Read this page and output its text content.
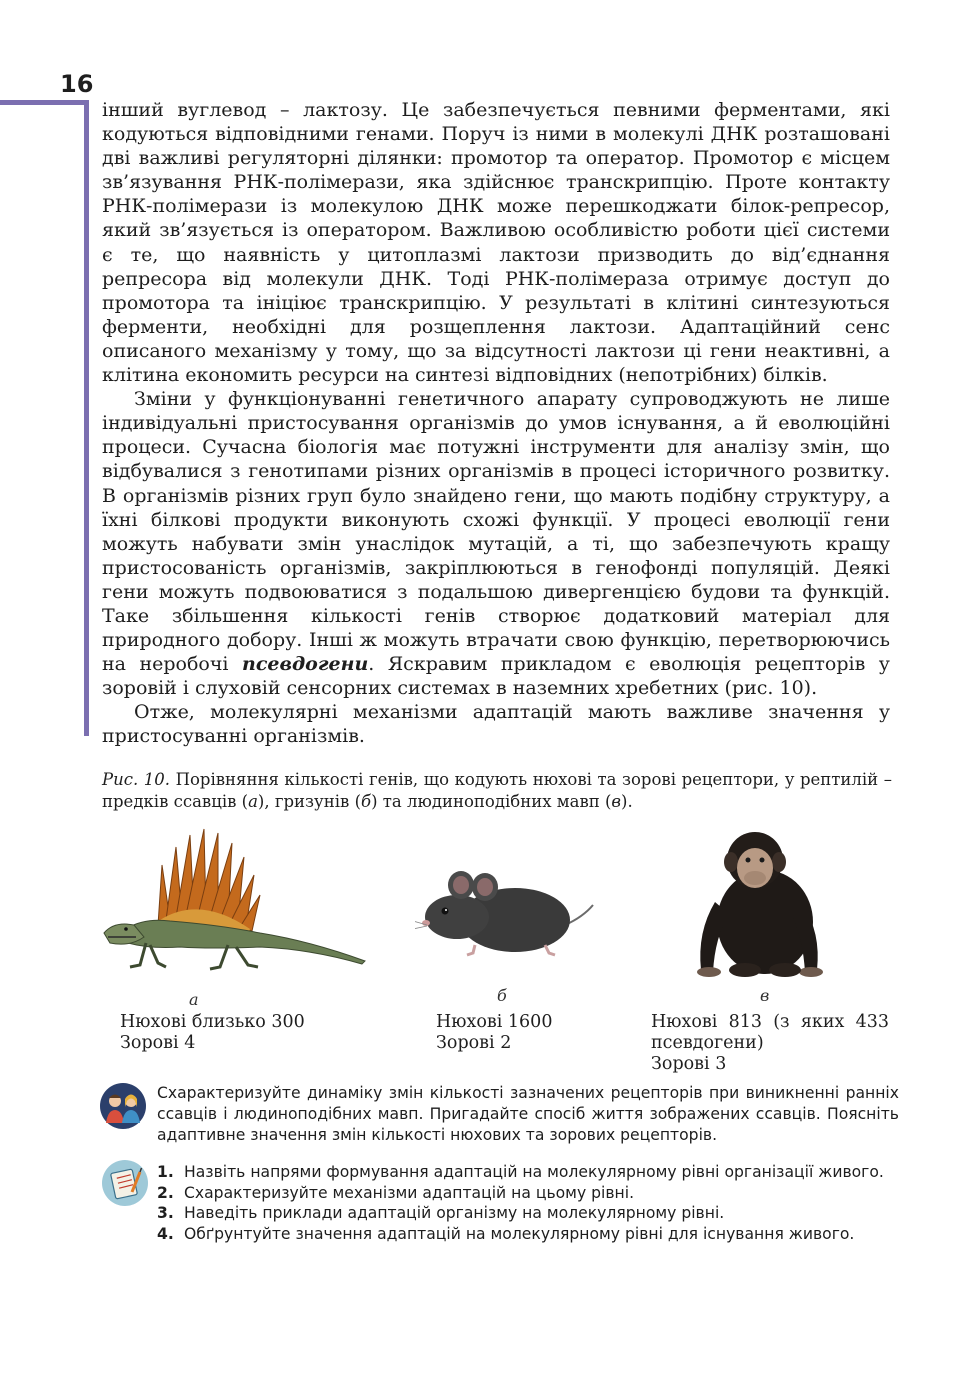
16

інший вуглевод – лактозу. Це забезпечується певними ферментами, які кодуються відповідними генами. Поруч із ними в молекулі ДНК розташовані дві важливі регуляторні ділянки: промотор та оператор. Промотор є місцем зв’язування РНК-полімерази, яка здійснює транскрипцію. Проте контакту РНК-полімерази із молекулою ДНК може перешкоджати білок-репресор, який зв’язується із оператором. Важливою особливістю роботи цієї системи є те, що наявність у цитоплазмі лактози призводить до від’єднання репресора від молекули ДНК. Тоді РНК-полімераза отримує доступ до промотора та ініціює транскрипцію. У результаті в клітині синтезуються ферменти, необхідні для розщеплення лактози. Адаптаційний сенс описаного механізму у тому, що за відсутності лактози ці гени неактивні, а клітина економить ресурси на синтезі відповідних (непотрібних) білків.

Зміни у функціонуванні генетичного апарату супроводжують не лише індивідуальні пристосування організмів до умов існування, а й еволюційні процеси. Сучасна біологія має потужні інструменти для аналізу змін, що відбувалися з генотипами різних організмів в процесі історичного розвитку. В організмів різних груп було знайдено гени, що мають подібну структуру, а їхні білкові продукти виконують схожі функції. У процесі еволюції гени можуть набувати змін унаслідок мутацій, а ті, що забезпечують кращу пристосованість організмів, закріплюються в генофонді популяцій. Деякі гени можуть подвоюватися з подальшою дивергенцією будови та функцій. Таке збільшення кількості генів створює додатковий матеріал для природного добору. Інші ж можуть втрачати свою функцію, перетворюючись на неробочі псевдогени. Яскравим прикладом є еволюція рецепторів у зоровій і слуховій сенсорних системах в наземних хребетних (рис. 10).

Отже, молекулярні механізми адаптацій мають важливе значення у пристосуванні організмів.

Рис. 10. Порівняння кількості генів, що кодують нюхові та зорові рецептори, у рептилій – предків ссавців (а), гризунів (б) та людиноподібних мавп (в).
а
Нюхові близько 300
Зорові 4
б
Нюхові 1600
Зорові 2
в
Нюхові 813 (з яких 433
псевдогени)
Зорові 3
Схарактеризуйте динаміку змін кількості зазначених рецепторів при виникненні ранніх ссавців і людиноподібних мавп. Пригадайте спосіб життя зображених ссавців. Поясніть адаптивне значення змін кількості нюхових та зорових рецепторів.
1. Назвіть напрями формування адаптацій на молекулярному рівні організації живого.
2. Схарактеризуйте механізми адаптацій на цьому рівні.
3. Наведіть приклади адаптацій організму на молекулярному рівні.
4. Обґрунтуйте значення адаптацій на молекулярному рівні для існування живого.
